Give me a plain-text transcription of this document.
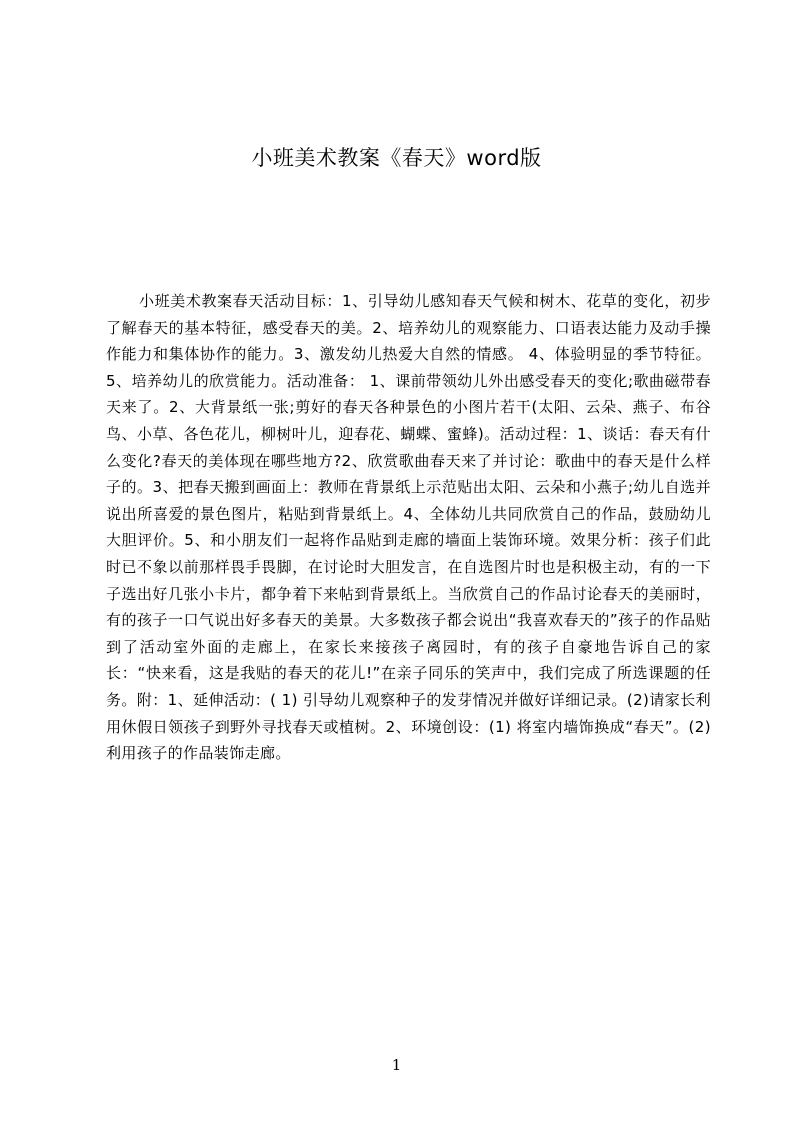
小班美术教案《春天》word版
小班美术教案春天活动目标：1、引导幼儿感知春天气候和树木、花草的变化，初步了解春天的基本特征，感受春天的美。2、培养幼儿的观察能力、口语表达能力及动手操作能力和集体协作的能力。3、激发幼儿热爱大自然的情感。 4、体验明显的季节特征。5、培养幼儿的欣赏能力。活动准备： 1、课前带领幼儿外出感受春天的变化;歌曲磁带春天来了。2、大背景纸一张;剪好的春天各种景色的小图片若干(太阳、云朵、燕子、布谷鸟、小草、各色花儿，柳树叶儿，迎春花、蝴蝶、蜜蜂)。活动过程：1、谈话：春天有什么变化?春天的美体现在哪些地方?2、欣赏歌曲春天来了并讨论：歌曲中的春天是什么样子的。3、把春天搬到画面上：教师在背景纸上示范贴出太阳、云朵和小燕子;幼儿自选并说出所喜爱的景色图片，粘贴到背景纸上。4、全体幼儿共同欣赏自己的作品，鼓励幼儿大胆评价。5、和小朋友们一起将作品贴到走廊的墙面上装饰环境。效果分析：孩子们此时已不象以前那样畏手畏脚，在讨论时大胆发言，在自选图片时也是积极主动，有的一下子选出好几张小卡片，都争着下来帖到背景纸上。当欣赏自己的作品讨论春天的美丽时，有的孩子一口气说出好多春天的美景。大多数孩子都会说出“我喜欢春天的”孩子的作品贴到了活动室外面的走廊上，在家长来接孩子离园时，有的孩子自豪地告诉自己的家长：“快来看，这是我贴的春天的花儿!”在亲子同乐的笑声中，我们完成了所选课题的任务。附：1、延伸活动：( 1) 引导幼儿观察种子的发芽情况并做好详细记录。(2)请家长利用休假日领孩子到野外寻找春天或植树。2、环境创设：(1) 将室内墙饰换成“春天”。(2)利用孩子的作品装饰走廊。
1
